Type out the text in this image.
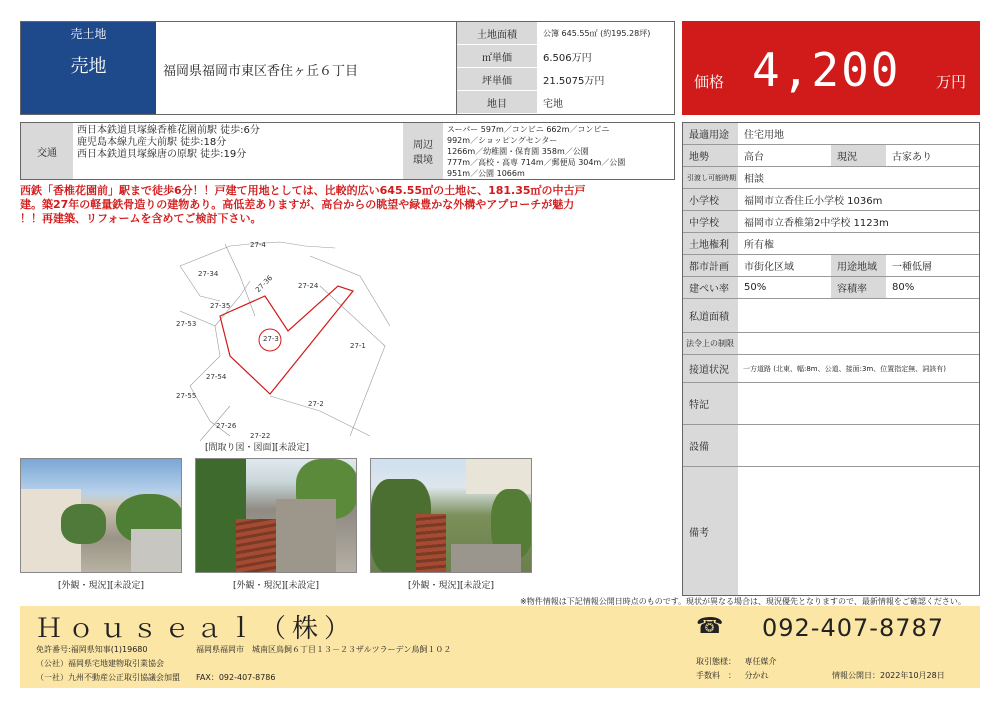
売土地
売地	福岡県福岡市東区香住ヶ丘６丁目
土地面積	公簿 645.55㎡ (約195.28坪)
㎡単価	6.506万円
坪単価	21.5075万円
地目	宅地
価格 4,200 万円
交通
西日本鉄道貝塚線香椎花園前駅 徒歩:6分
鹿児島本線九産大前駅 徒歩:18分
西日本鉄道貝塚線唐の原駅 徒歩:19分
周辺
環境
スーパー 597m／コンビニ 662m／コンビニ
992m／ショッピングセンター
1266m／幼稚園・保育園 358m／公園
777m／高校・高専 714m／郵便局 304m／公園
951m／公園 1066m
西鉄「香椎花園前」駅まで徒歩6分！！戸建て用地としては、比較的広い645.55㎡の土地に、181.35㎡の中古戸
建。築27年の軽量鉄骨造りの建物あり。高低差ありますが、高台からの眺望や緑豊かな外構やアプローチが魅力
！！再建築、リフォームを含めてご検討下さい。
27-4
27-34	27-36	27-24
27-35
27-53
27-3
27-1
27-54
27-55
27-2
27-26
27-22
[間取り図・図面][未設定]
[外観・現況][未設定]	[外観・現況][未設定]	[外観・現況][未設定]
最適用途	住宅用地
地勢	高台	現況	古家あり
引渡し可能時期 相談
小学校	福岡市立香住丘小学校 1036m
中学校	福岡市立香椎第2中学校 1123m
土地権利	所有権
都市計画	市街化区域	用途地域	一種低層
建ぺい率	50%	容積率	80%
私道面積
法令上の制限
接道状況	一方道路 (北東、幅:8m、公道、接面:3m、位置指定無、詞該有)
特記
設備
備考
※物件情報は下記情報公開日時点のものです。現状が異なる場合は、現況優先となりますので、最新情報をご確認ください。
Ｈｏｕｓｅａｌ（株）
免許番号:福岡県知事(1)19680
（公社）福岡県宅地建物取引業協会
（一社）九州不動産公正取引協議会加盟
福岡県福岡市　城南区鳥飼６丁目１３－２３ザルツラーデン鳥飼１０２
FAX：092-407-8786
☎ 092-407-8787
取引態様： 専任媒介
手数料　： 分かれ	情報公開日：2022年10月28日
